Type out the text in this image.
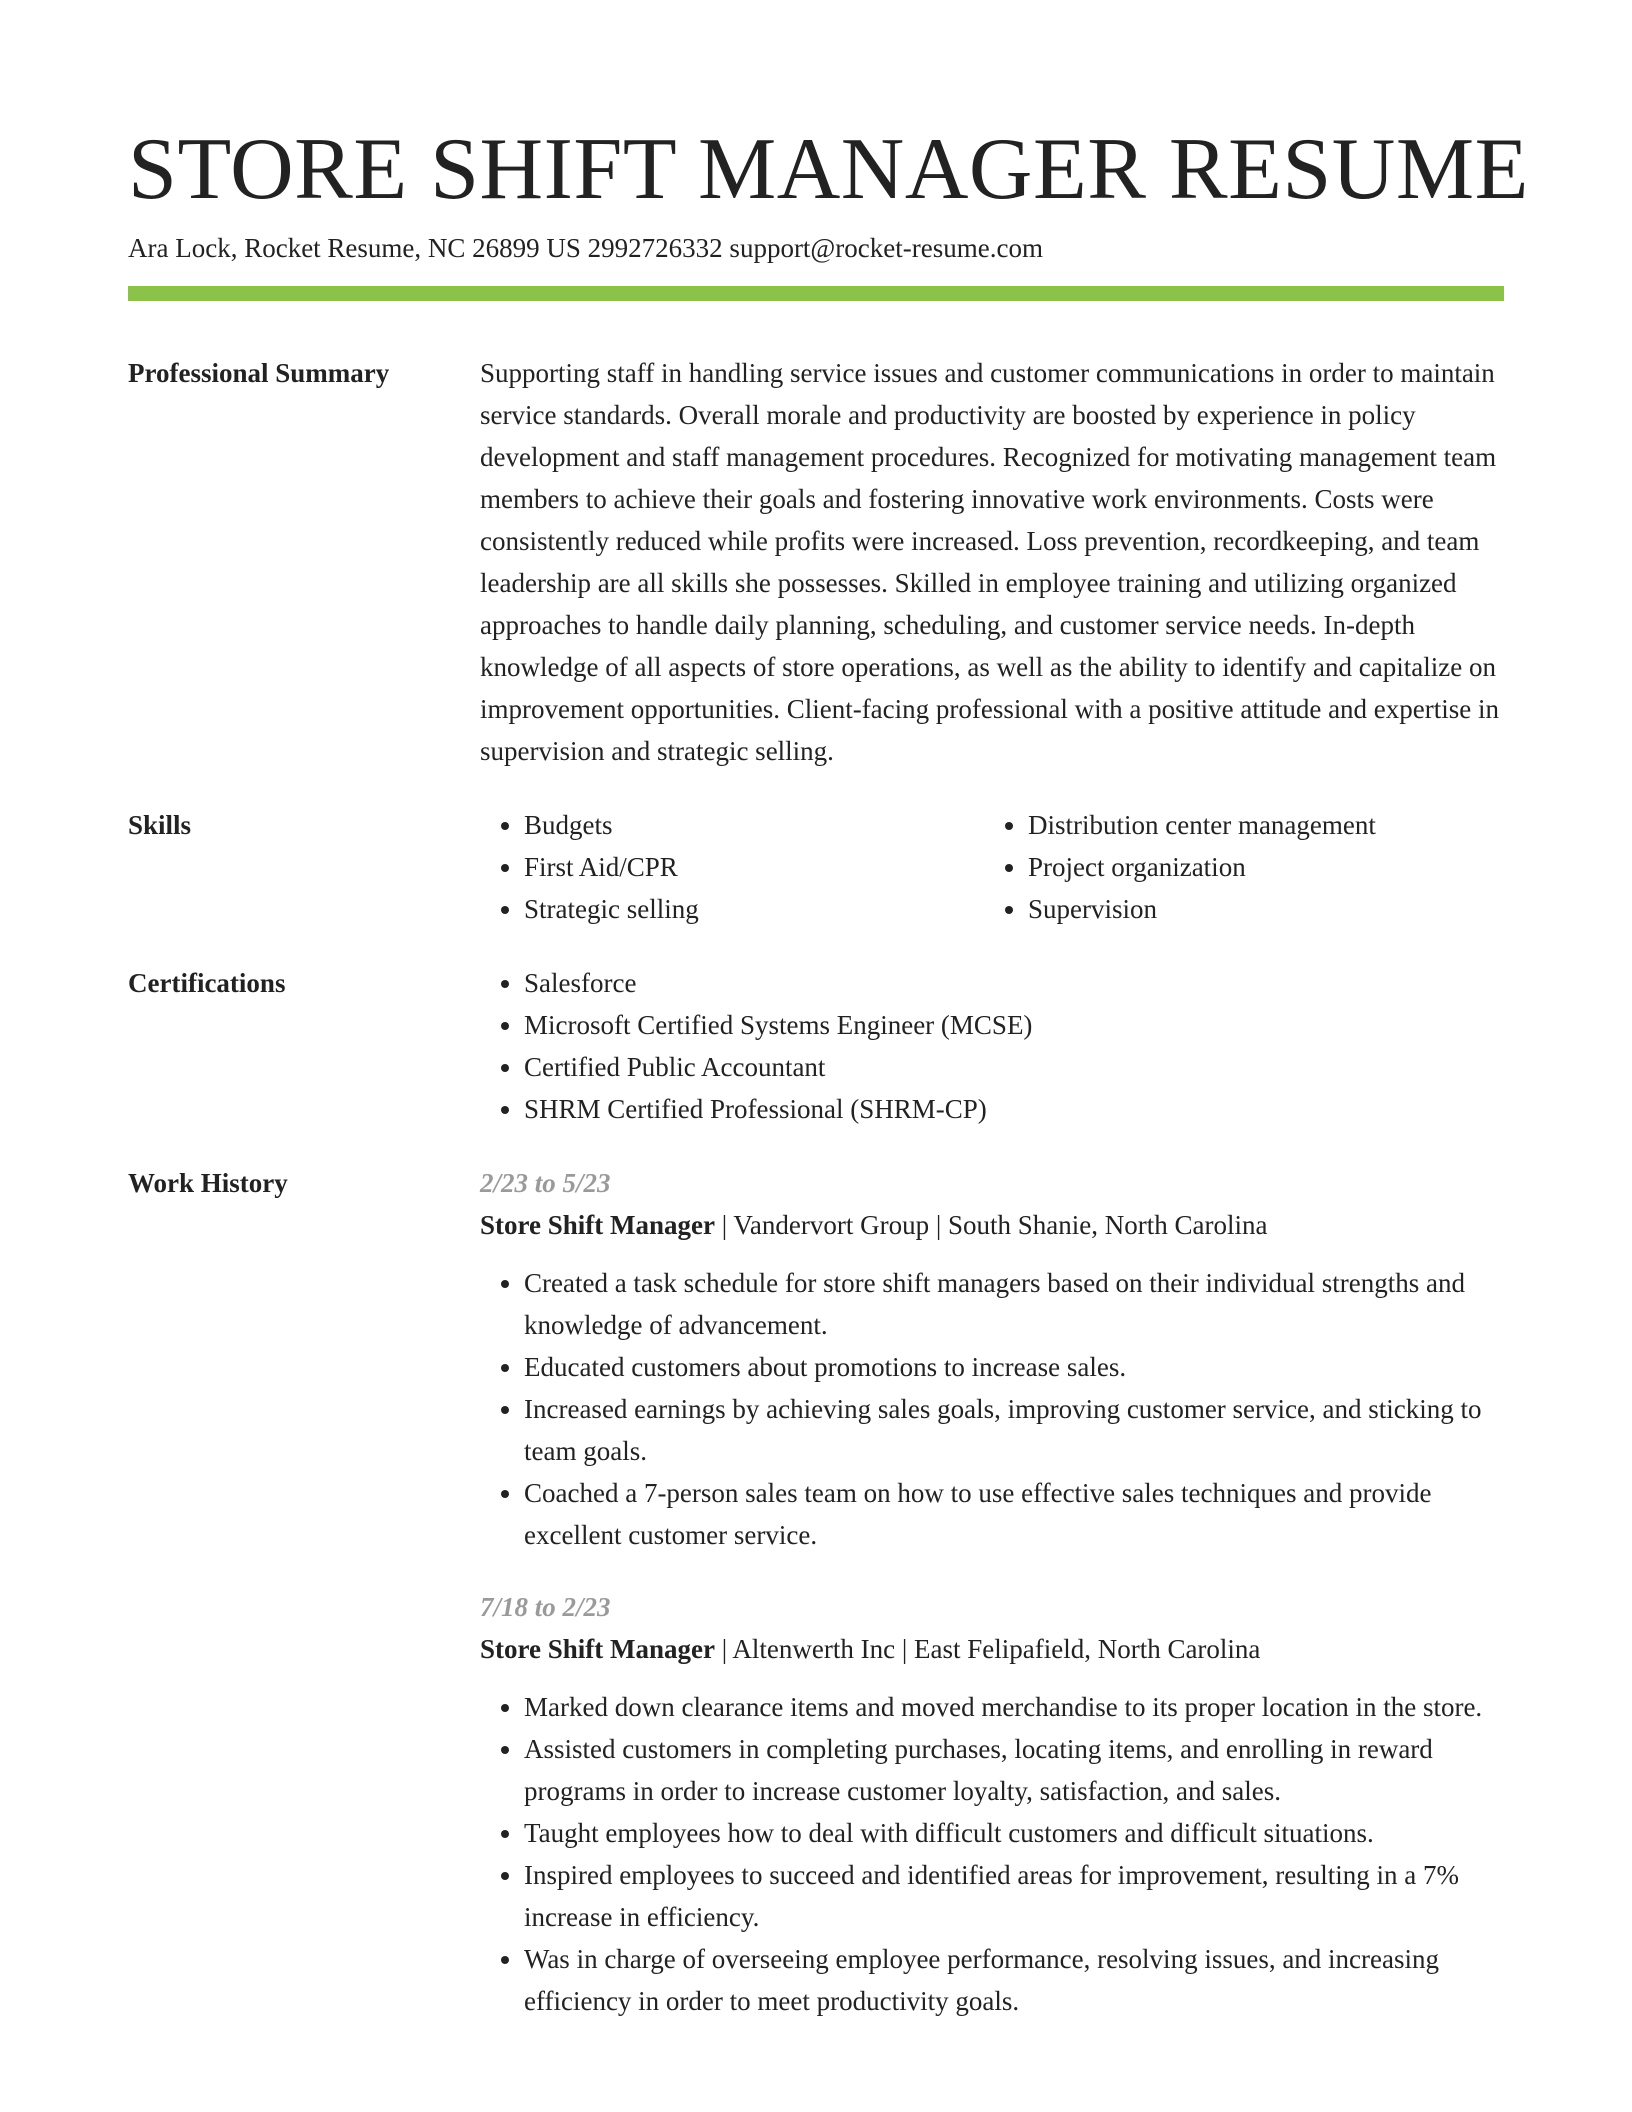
STORE SHIFT MANAGER RESUME
Ara Lock, Rocket Resume, NC 26899 US 2992726332 support@rocket-resume.com
Professional Summary	Supporting staff in handling service issues and customer communications in order to maintain service standards. Overall morale and productivity are boosted by experience in policy development and staff management procedures. Recognized for motivating management team members to achieve their goals and fostering innovative work environments. Costs were consistently reduced while profits were increased. Loss prevention, recordkeeping, and team leadership are all skills she possesses. Skilled in employee training and utilizing organized approaches to handle daily planning, scheduling, and customer service needs. In-depth knowledge of all aspects of store operations, as well as the ability to identify and capitalize on improvement opportunities. Client-facing professional with a positive attitude and expertise in supervision and strategic selling.

Skills	• Budgets
• First Aid/CPR
• Strategic selling
• Distribution center management
• Project organization
• Supervision
Certifications	• Salesforce
• Microsoft Certified Systems Engineer (MCSE)
• Certified Public Accountant
• SHRM Certified Professional (SHRM-CP)
Work History	2/23 to 5/23
Store Shift Manager | Vandervort Group | South Shanie, North Carolina
• Created a task schedule for store shift managers based on their individual strengths and knowledge of advancement.
• Educated customers about promotions to increase sales.
• Increased earnings by achieving sales goals, improving customer service, and sticking to team goals.
• Coached a 7-person sales team on how to use effective sales techniques and provide excellent customer service.
7/18 to 2/23
Store Shift Manager | Altenwerth Inc | East Felipafield, North Carolina
• Marked down clearance items and moved merchandise to its proper location in the store.
• Assisted customers in completing purchases, locating items, and enrolling in reward programs in order to increase customer loyalty, satisfaction, and sales.
• Taught employees how to deal with difficult customers and difficult situations.
• Inspired employees to succeed and identified areas for improvement, resulting in a 7% increase in efficiency.
• Was in charge of overseeing employee performance, resolving issues, and increasing efficiency in order to meet productivity goals.
